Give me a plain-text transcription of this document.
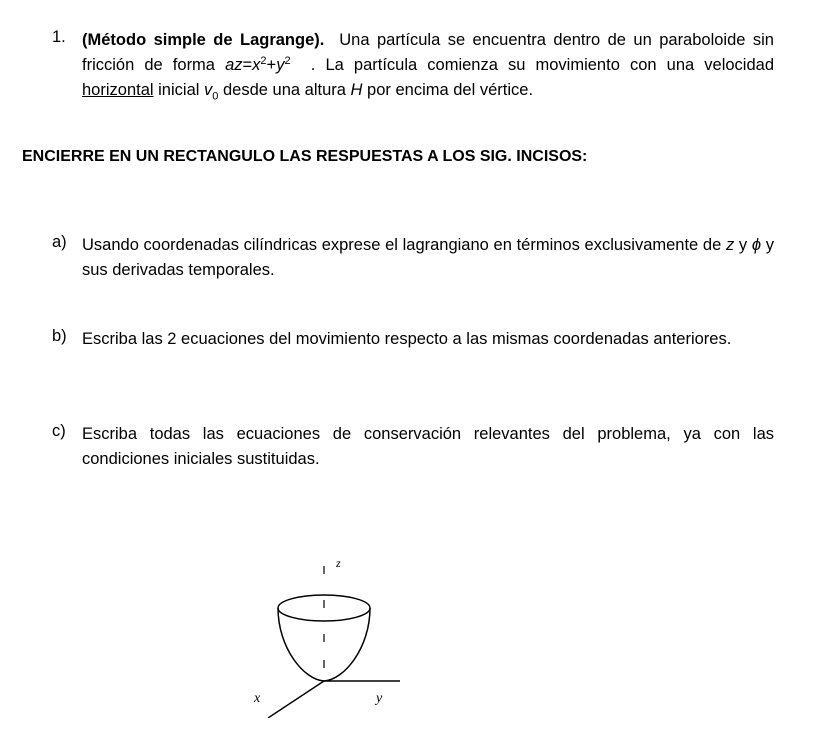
1. (Método simple de Lagrange). Una partícula se encuentra dentro de un paraboloide sin fricción de forma $az=x^2+y^2$ . La partícula comienza su movimiento con una velocidad horizontal inicial $v_0$ desde una altura H por encima del vértice.
ENCIERRE EN UN RECTANGULO LAS RESPUESTAS A LOS SIG. INCISOS:
a) Usando coordenadas cilíndricas exprese el lagrangiano en términos exclusivamente de z y ϕ y sus derivadas temporales.
b) Escriba las 2 ecuaciones del movimiento respecto a las mismas coordenadas anteriores.
c) Escriba todas las ecuaciones de conservación relevantes del problema, ya con las condiciones iniciales sustituidas.
z
x	y
